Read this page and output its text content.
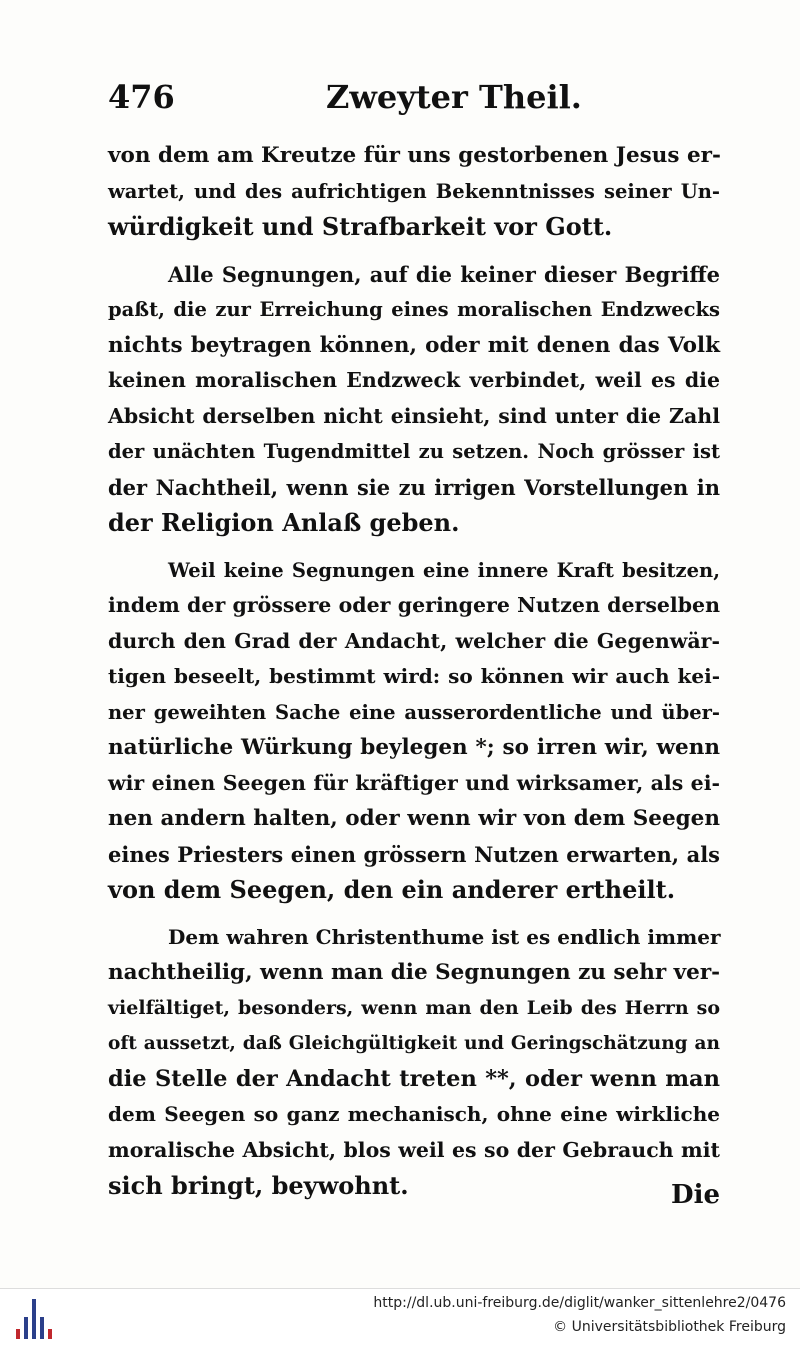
476	Zweyter Theil.
von dem am Kreutze für uns gestorbenen Jesus er-
wartet, und des aufrichtigen Bekenntnisses seiner Un-
würdigkeit und Strafbarkeit vor Gott.
Alle Segnungen, auf die keiner dieser Begriffe
paßt, die zur Erreichung eines moralischen Endzwecks
nichts beytragen können, oder mit denen das Volk
keinen moralischen Endzweck verbindet, weil es die
Absicht derselben nicht einsieht, sind unter die Zahl
der unächten Tugendmittel zu setzen. Noch grösser ist
der Nachtheil, wenn sie zu irrigen Vorstellungen in
der Religion Anlaß geben.
Weil keine Segnungen eine innere Kraft besitzen,
indem der grössere oder geringere Nutzen derselben
durch den Grad der Andacht, welcher die Gegenwär-
tigen beseelt, bestimmt wird: so können wir auch kei-
ner geweihten Sache eine ausserordentliche und über-
natürliche Würkung beylegen *; so irren wir, wenn
wir einen Seegen für kräftiger und wirksamer, als ei-
nen andern halten, oder wenn wir von dem Seegen
eines Priesters einen grössern Nutzen erwarten, als
von dem Seegen, den ein anderer ertheilt.
Dem wahren Christenthume ist es endlich immer
nachtheilig, wenn man die Segnungen zu sehr ver-
vielfältiget, besonders, wenn man den Leib des Herrn so
oft aussetzt, daß Gleichgültigkeit und Geringschätzung an
die Stelle der Andacht treten **, oder wenn man
dem Seegen so ganz mechanisch, ohne eine wirkliche
moralische Absicht, blos weil es so der Gebrauch mit
sich bringt, beywohnt.	Die
http://dl.ub.uni-freiburg.de/diglit/wanker_sittenlehre2/0476
© Universitätsbibliothek Freiburg
